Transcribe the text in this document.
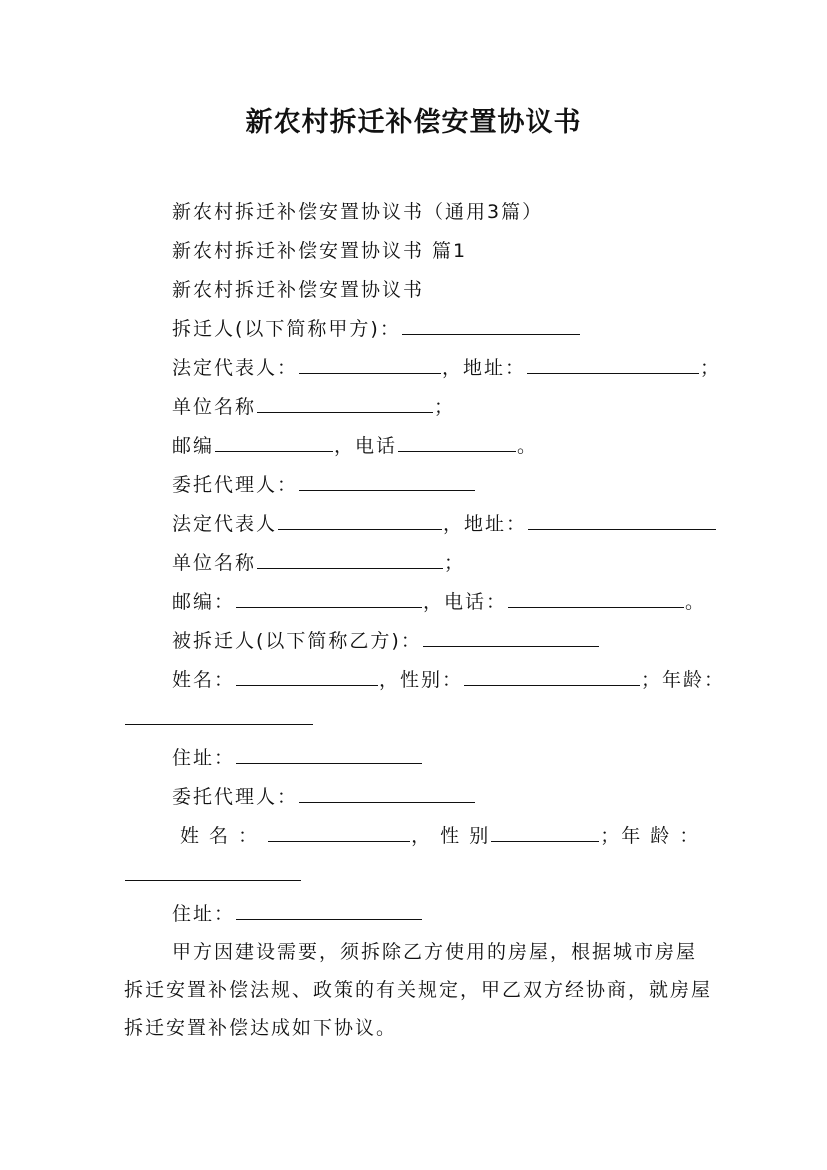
新农村拆迁补偿安置协议书
新农村拆迁补偿安置协议书（通用3篇）
新农村拆迁补偿安置协议书 篇1
新农村拆迁补偿安置协议书
拆迁人(以下简称甲方)：
法定代表人：	，地址：	；
单位名称	；
邮编	，电话	。
委托代理人：
法定代表人	，地址：
单位名称	；
邮编：	，电话：	。
被拆迁人(以下简称乙方)：
姓名：	，性别：	；年龄：
住址：
委托代理人：
姓 名 ：	， 性 别	；年 龄 ：
住址：
甲方因建设需要，须拆除乙方使用的房屋，根据城市房屋拆迁安置补偿法规、政策的有关规定，甲乙双方经协商，就房屋拆迁安置补偿达成如下协议。
